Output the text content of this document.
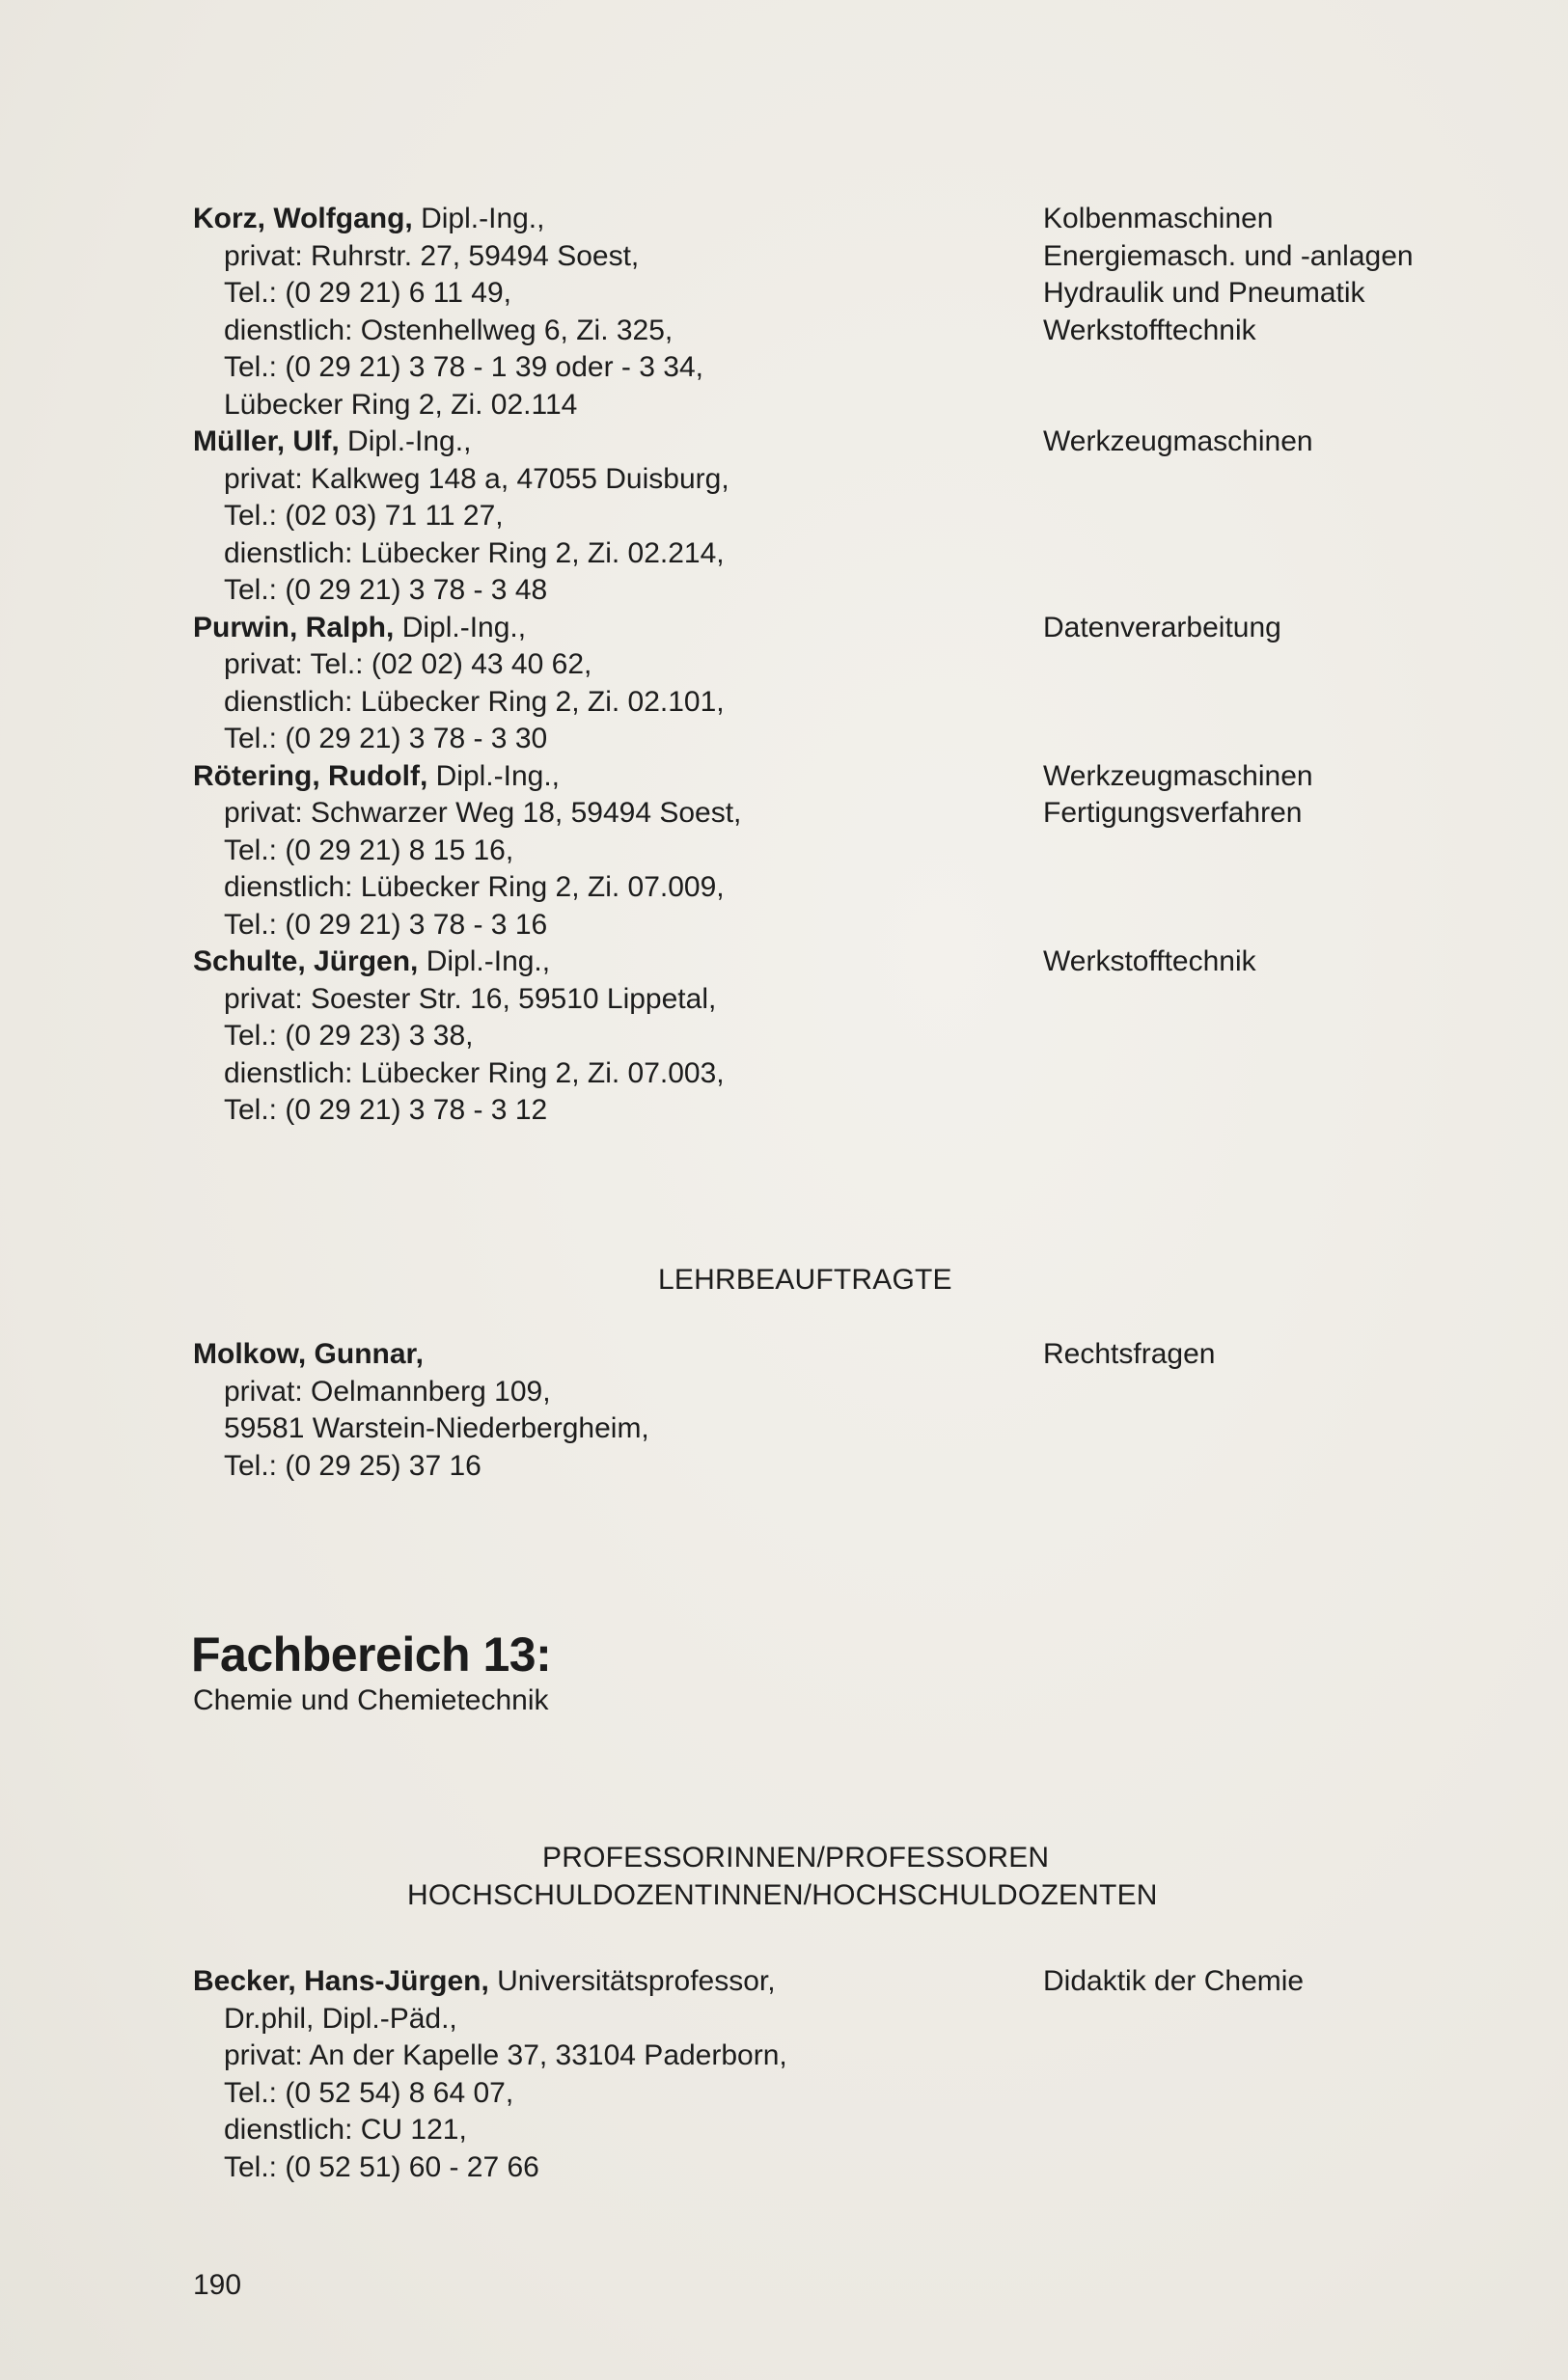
Korz, Wolfgang, Dipl.-Ing.,
privat: Ruhrstr. 27, 59494 Soest,
Tel.: (0 29 21) 6 11 49,
dienstlich: Ostenhellweg 6, Zi. 325,
Tel.: (0 29 21) 3 78 - 1 39 oder - 3 34,
Lübecker Ring 2, Zi. 02.114
Kolbenmaschinen
Energiemasch. und -anlagen
Hydraulik und Pneumatik
Werkstofftechnik
Müller, Ulf, Dipl.-Ing.,
privat: Kalkweg 148 a, 47055 Duisburg,
Tel.: (02 03) 71 11 27,
dienstlich: Lübecker Ring 2, Zi. 02.214,
Tel.: (0 29 21) 3 78 - 3 48
Werkzeugmaschinen
Purwin, Ralph, Dipl.-Ing.,
privat: Tel.: (02 02) 43 40 62,
dienstlich: Lübecker Ring 2, Zi. 02.101,
Tel.: (0 29 21) 3 78 - 3 30
Datenverarbeitung
Rötering, Rudolf, Dipl.-Ing.,
privat: Schwarzer Weg 18, 59494 Soest,
Tel.: (0 29 21) 8 15 16,
dienstlich: Lübecker Ring 2, Zi. 07.009,
Tel.: (0 29 21) 3 78 - 3 16
Werkzeugmaschinen
Fertigungsverfahren
Schulte, Jürgen, Dipl.-Ing.,
privat: Soester Str. 16, 59510 Lippetal,
Tel.: (0 29 23) 3 38,
dienstlich: Lübecker Ring 2, Zi. 07.003,
Tel.: (0 29 21) 3 78 - 3 12
Werkstofftechnik
LEHRBEAUFTRAGTE
Molkow, Gunnar,
privat: Oelmannberg 109,
59581 Warstein-Niederbergheim,
Tel.: (0 29 25) 37 16
Rechtsfragen
Fachbereich 13:
Chemie und Chemietechnik
PROFESSORINNEN/PROFESSOREN
HOCHSCHULDOZENTINNEN/HOCHSCHULDOZENTEN
Becker, Hans-Jürgen, Universitätsprofessor,
Dr.phil, Dipl.-Päd.,
privat: An der Kapelle 37, 33104 Paderborn,
Tel.: (0 52 54) 8 64 07,
dienstlich: CU 121,
Tel.: (0 52 51) 60 - 27 66
Didaktik der Chemie
190
